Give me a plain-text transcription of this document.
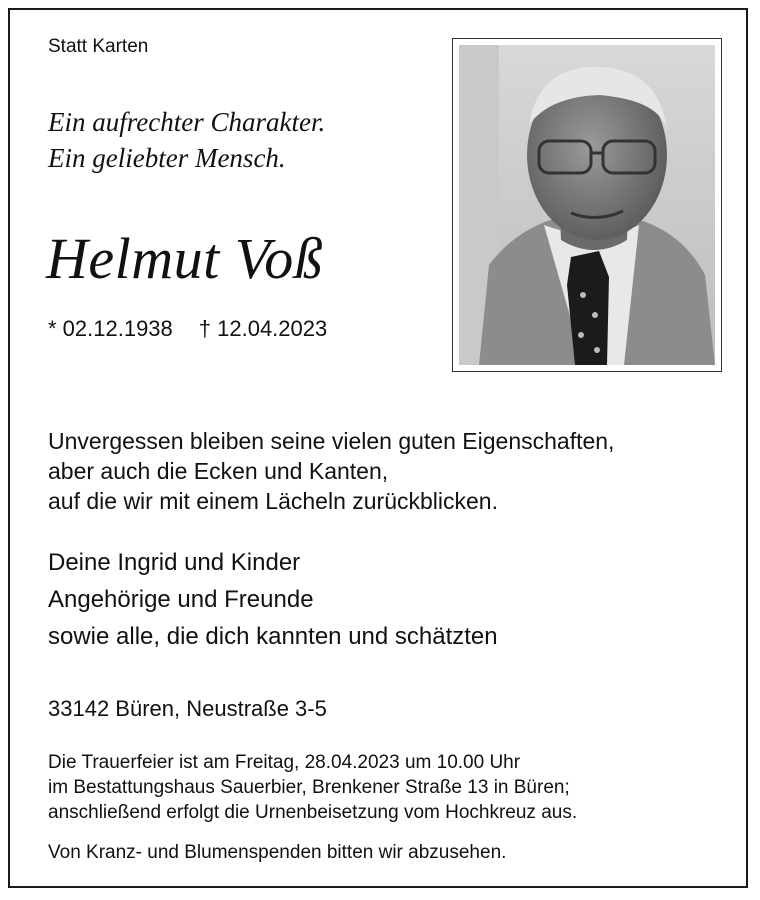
Statt Karten
Ein aufrechter Charakter.
Ein geliebter Mensch.
Helmut Voß
* 02.12.1938 † 12.04.2023
Unvergessen bleiben seine vielen guten Eigenschaften,
aber auch die Ecken und Kanten,
auf die wir mit einem Lächeln zurückblicken.
Deine Ingrid und Kinder
Angehörige und Freunde
sowie alle, die dich kannten und schätzten
33142 Büren, Neustraße 3-5
Die Trauerfeier ist am Freitag, 28.04.2023 um 10.00 Uhr
im Bestattungshaus Sauerbier, Brenkener Straße 13 in Büren;
anschließend erfolgt die Urnenbeisetzung vom Hochkreuz aus.
Von Kranz- und Blumenspenden bitten wir abzusehen.
